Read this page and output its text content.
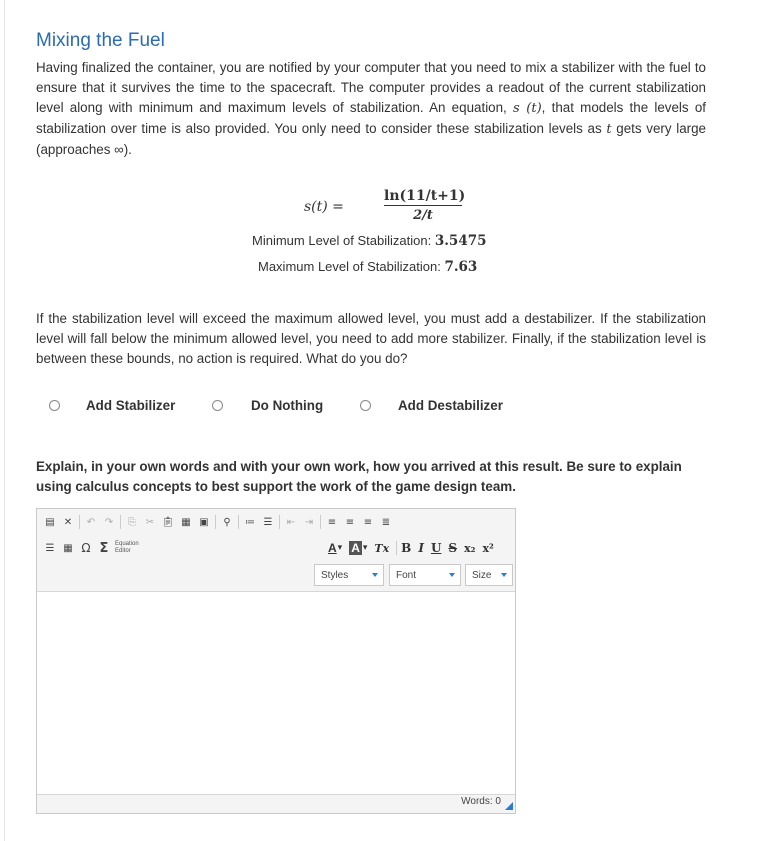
Mixing the Fuel

Having finalized the container, you are notified by your computer that you need to mix a stabilizer with the fuel to ensure that it survives the time to the spacecraft. The computer provides a readout of the current stabilization level along with minimum and maximum levels of stabilization. An equation, s (t), that models the levels of stabilization over time is also provided. You only need to consider these stabilization levels as t gets very large (approaches ∞).

s(t) =
ln(11/t+1)
2/t
Minimum Level of Stabilization: 3.5475
Maximum Level of Stabilization: 7.63

If the stabilization level will exceed the maximum allowed level, you must add a destabilizer. If the stabilization level will fall below the minimum allowed level, you need to add more stabilizer. Finally, if the stabilization level is between these bounds, no action is required. What do you do?

Add Stabilizer	Do Nothing	Add Destabilizer

Explain, in your own words and with your own work, how you arrived at this result. Be sure to explain using calculus concepts to best support the work of the game design team.

▤ ✕ ↶ ↷	⎘ ✂ 📋︎ ▦ ▣	⚲	≔ ☰ ⇤ ⇥ ≡ ≡ ≡ ≣
☰ ▦ Ω Σ	Equation
Editor	A ▾ A ▾ Tx B I U S x₂ x²
Styles	Font	Size
Words: 0
